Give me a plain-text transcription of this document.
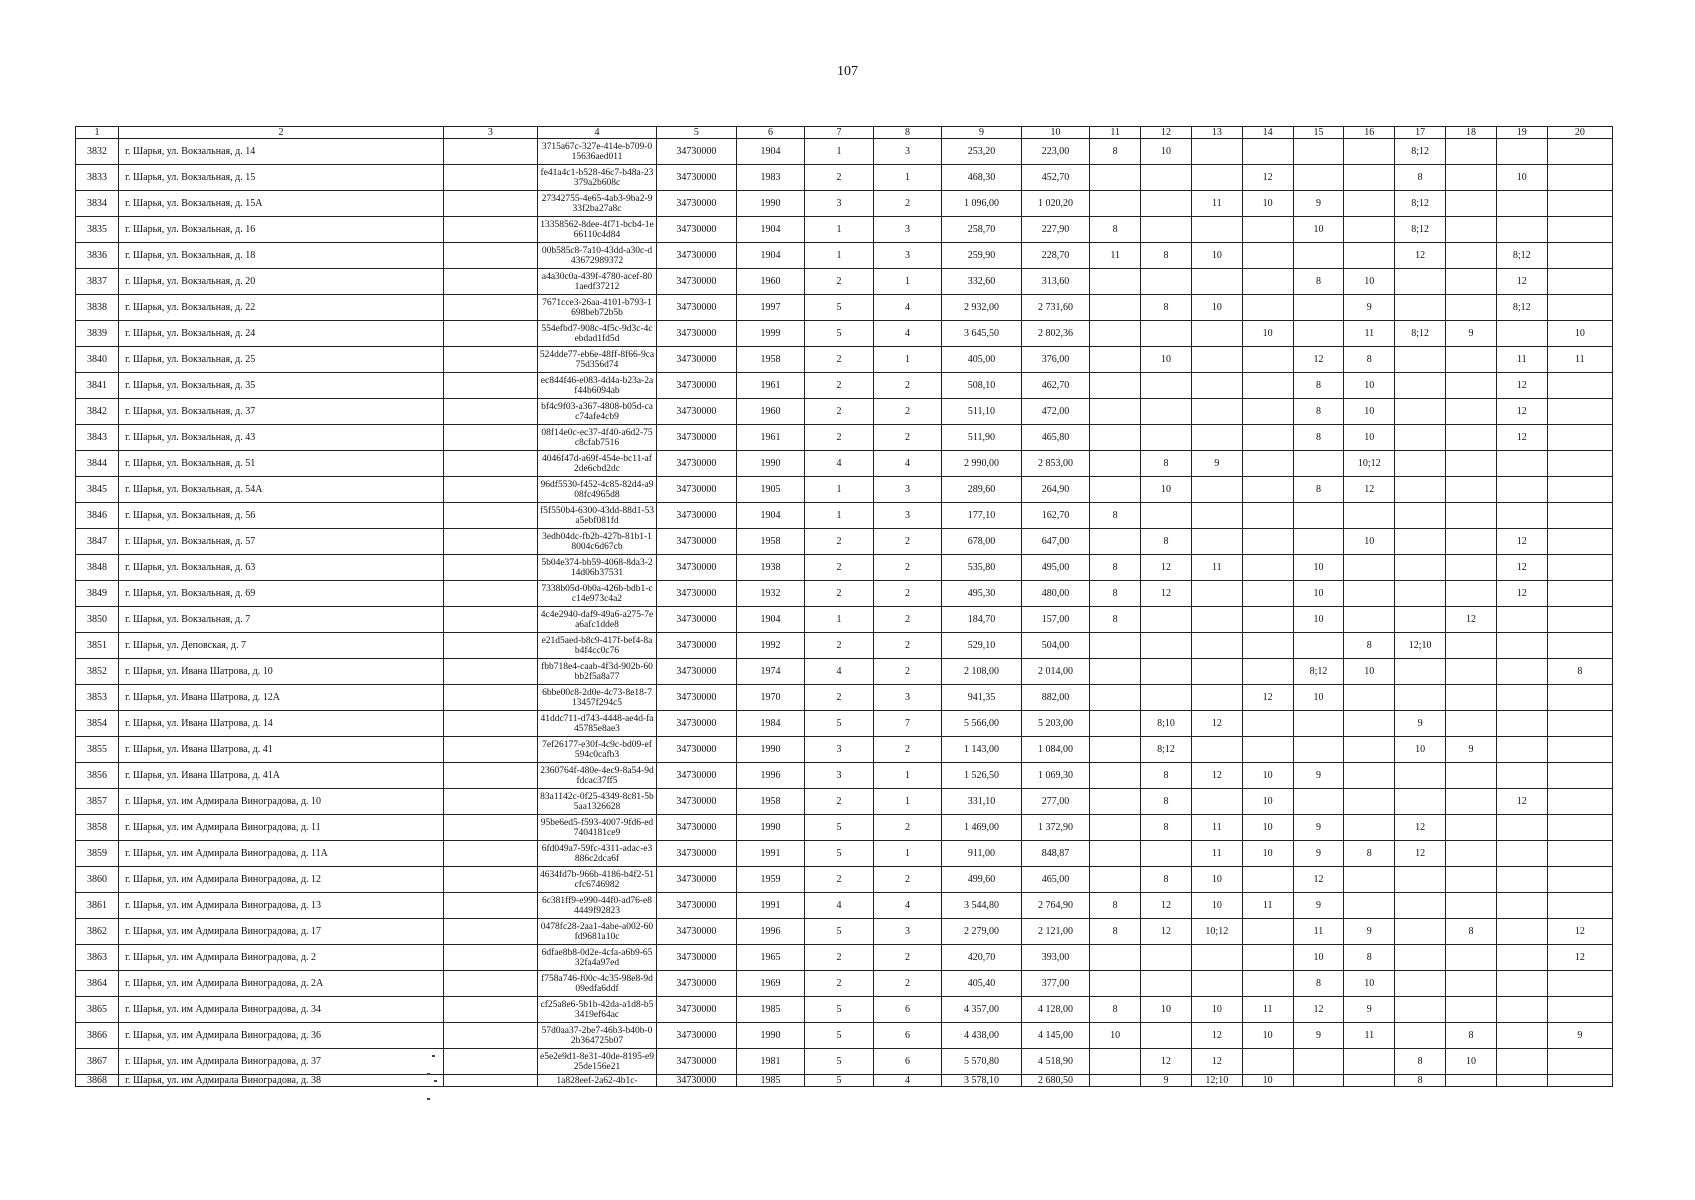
107
1	2	3	4	5	6	7	8	9	10	11	12	13	14	15	16	17	18	19	20
3832	г. Шарья, ул. Вокзальная, д. 14		3715a67c-327e-414e-b709-015636aed011	34730000	1904	1	3	253,20	223,00	8	10					8;12			
3833	г. Шарья, ул. Вокзальная, д. 15		fe41a4c1-b528-46c7-b48a-23379a2b608c	34730000	1983	2	1	468,30	452,70				12			8		10	
3834	г. Шарья, ул. Вокзальная, д. 15А		27342755-4e65-4ab3-9ba2-933f2ba27a8c	34730000	1990	3	2	1 096,00	1 020,20			11	10	9		8;12			
3835	г. Шарья, ул. Вокзальная, д. 16		13358562-8dee-4f71-bcb4-1e66110c4d84	34730000	1904	1	3	258,70	227,90	8				10		8;12			
3836	г. Шарья, ул. Вокзальная, д. 18		00b585c8-7a10-43dd-a30c-d43672989372	34730000	1904	1	3	259,90	228,70	11	8	10				12		8;12	
3837	г. Шарья, ул. Вокзальная, д. 20		a4a30c0a-439f-4780-acef-801aedf37212	34730000	1960	2	1	332,60	313,60					8	10			12	
3838	г. Шарья, ул. Вокзальная, д. 22		7671cce3-26aa-4101-b793-1698beb72b5b	34730000	1997	5	4	2 932,00	2 731,60		8	10			9			8;12	
3839	г. Шарья, ул. Вокзальная, д. 24		554efbd7-908c-4f5c-9d3c-4cebdad1fd5d	34730000	1999	5	4	3 645,50	2 802,36				10		11	8;12	9		10
3840	г. Шарья, ул. Вокзальная, д. 25		524dde77-eb6e-48ff-8f66-9ca75d356d74	34730000	1958	2	1	405,00	376,00		10			12	8			11	11
3841	г. Шарья, ул. Вокзальная, д. 35		ec844f46-e083-4d4a-b23a-2af44b6094ab	34730000	1961	2	2	508,10	462,70					8	10			12	
3842	г. Шарья, ул. Вокзальная, д. 37		bf4c9f03-a367-4808-b05d-cac74afe4cb9	34730000	1960	2	2	511,10	472,00					8	10			12	
3843	г. Шарья, ул. Вокзальная, д. 43		08f14e0c-ec37-4f40-a6d2-75c8cfab7516	34730000	1961	2	2	511,90	465,80					8	10			12	
3844	г. Шарья, ул. Вокзальная, д. 51		4046f47d-a69f-454e-bc11-af2de6cbd2dc	34730000	1990	4	4	2 990,00	2 853,00		8	9			10;12				
3845	г. Шарья, ул. Вокзальная, д. 54А		96df5530-f452-4c85-82d4-a908fc4965d8	34730000	1905	1	3	289,60	264,90		10			8	12				
3846	г. Шарья, ул. Вокзальная, д. 56		f5f550b4-6300-43dd-88d1-53a5ebf081fd	34730000	1904	1	3	177,10	162,70	8									
3847	г. Шарья, ул. Вокзальная, д. 57		3edb04dc-fb2b-427b-81b1-18004c6d67cb	34730000	1958	2	2	678,00	647,00		8				10			12	
3848	г. Шарья, ул. Вокзальная, д. 63		5b04e374-bb59-4068-8da3-214d06b37531	34730000	1938	2	2	535,80	495,00	8	12	11		10				12	
3849	г. Шарья, ул. Вокзальная, д. 69		7338b05d-0b0a-426b-bdb1-cc14e973c4a2	34730000	1932	2	2	495,30	480,00	8	12			10				12	
3850	г. Шарья, ул. Вокзальная, д. 7		4c4e2940-daf9-49a6-a275-7ea6afc1dde8	34730000	1904	1	2	184,70	157,00	8				10			12		
3851	г. Шарья, ул. Деповская, д. 7		e21d5aed-b8c9-417f-bef4-8ab4f4cc0c76	34730000	1992	2	2	529,10	504,00						8	12;10			
3852	г. Шарья, ул. Ивана Шатрова, д. 10		fbb718e4-caab-4f3d-902b-60bb2f5a8a77	34730000	1974	4	2	2 108,00	2 014,00					8;12	10				8
3853	г. Шарья, ул. Ивана Шатрова, д. 12А		6bbe00c8-2d0e-4c73-8e18-713457f294c5	34730000	1970	2	3	941,35	882,00				12	10					
3854	г. Шарья, ул. Ивана Шатрова, д. 14		41ddc711-d743-4448-ae4d-fa45785e8ae3	34730000	1984	5	7	5 566,00	5 203,00		8;10	12				9			
3855	г. Шарья, ул. Ивана Шатрова, д. 41		7ef26177-e30f-4c9c-bd09-ef594c0cafb3	34730000	1990	3	2	1 143,00	1 084,00		8;12					10	9		
3856	г. Шарья, ул. Ивана Шатрова, д. 41А		2360764f-480e-4ec9-8a54-9dfdcac37ff5	34730000	1996	3	1	1 526,50	1 069,30		8	12	10	9					
3857	г. Шарья, ул. им Адмирала Виноградова, д. 10		83a1142c-0f25-4349-8c81-5b5aa1326628	34730000	1958	2	1	331,10	277,00		8		10					12	
3858	г. Шарья, ул. им Адмирала Виноградова, д. 11		95be6ed5-f593-4007-9fd6-ed7404181ce9	34730000	1990	5	2	1 469,00	1 372,90		8	11	10	9		12			
3859	г. Шарья, ул. им Адмирала Виноградова, д. 11А		6fd049a7-59fc-4311-adac-e3886c2dca6f	34730000	1991	5	1	911,00	848,87			11	10	9	8	12			
3860	г. Шарья, ул. им Адмирала Виноградова, д. 12		4634fd7b-966b-4186-b4f2-51cfc6746982	34730000	1959	2	2	499,60	465,00		8	10		12					
3861	г. Шарья, ул. им Адмирала Виноградова, д. 13		6c381ff9-e990-44f0-ad76-e84449f92823	34730000	1991	4	4	3 544,80	2 764,90	8	12	10	11	9					
3862	г. Шарья, ул. им Адмирала Виноградова, д. 17		0478fc28-2aa1-4abe-a002-60fd9681a10c	34730000	1996	5	3	2 279,00	2 121,00	8	12	10;12		11	9		8		12
3863	г. Шарья, ул. им Адмирала Виноградова, д. 2		6dfae8b8-0d2e-4cfa-a6b9-6532fa4a97ed	34730000	1965	2	2	420,70	393,00					10	8				12
3864	г. Шарья, ул. им Адмирала Виноградова, д. 2А		f758a746-f00c-4c35-98e8-9d09edfa6ddf	34730000	1969	2	2	405,40	377,00					8	10				
3865	г. Шарья, ул. им Адмирала Виноградова, д. 34		cf25a8e6-5b1b-42da-a1d8-b53419ef64ac	34730000	1985	5	6	4 357,00	4 128,00	8	10	10	11	12	9				
3866	г. Шарья, ул. им Адмирала Виноградова, д. 36		57d0aa37-2be7-46b3-b40b-02b364725b07	34730000	1990	5	6	4 438,00	4 145,00	10		12	10	9	11		8		9
3867	г. Шарья, ул. им Адмирала Виноградова, д. 37		e5e2e9d1-8e31-40de-8195-e925de156e21	34730000	1981	5	6	5 570,80	4 518,90		12	12				8	10		
3868	г. Шарья, ул. им Адмирала Виноградова, д. 38		1a828eef-2a62-4b1c-	34730000	1985	5	4	3 578,10	2 680,50		9	12;10	10			8			
